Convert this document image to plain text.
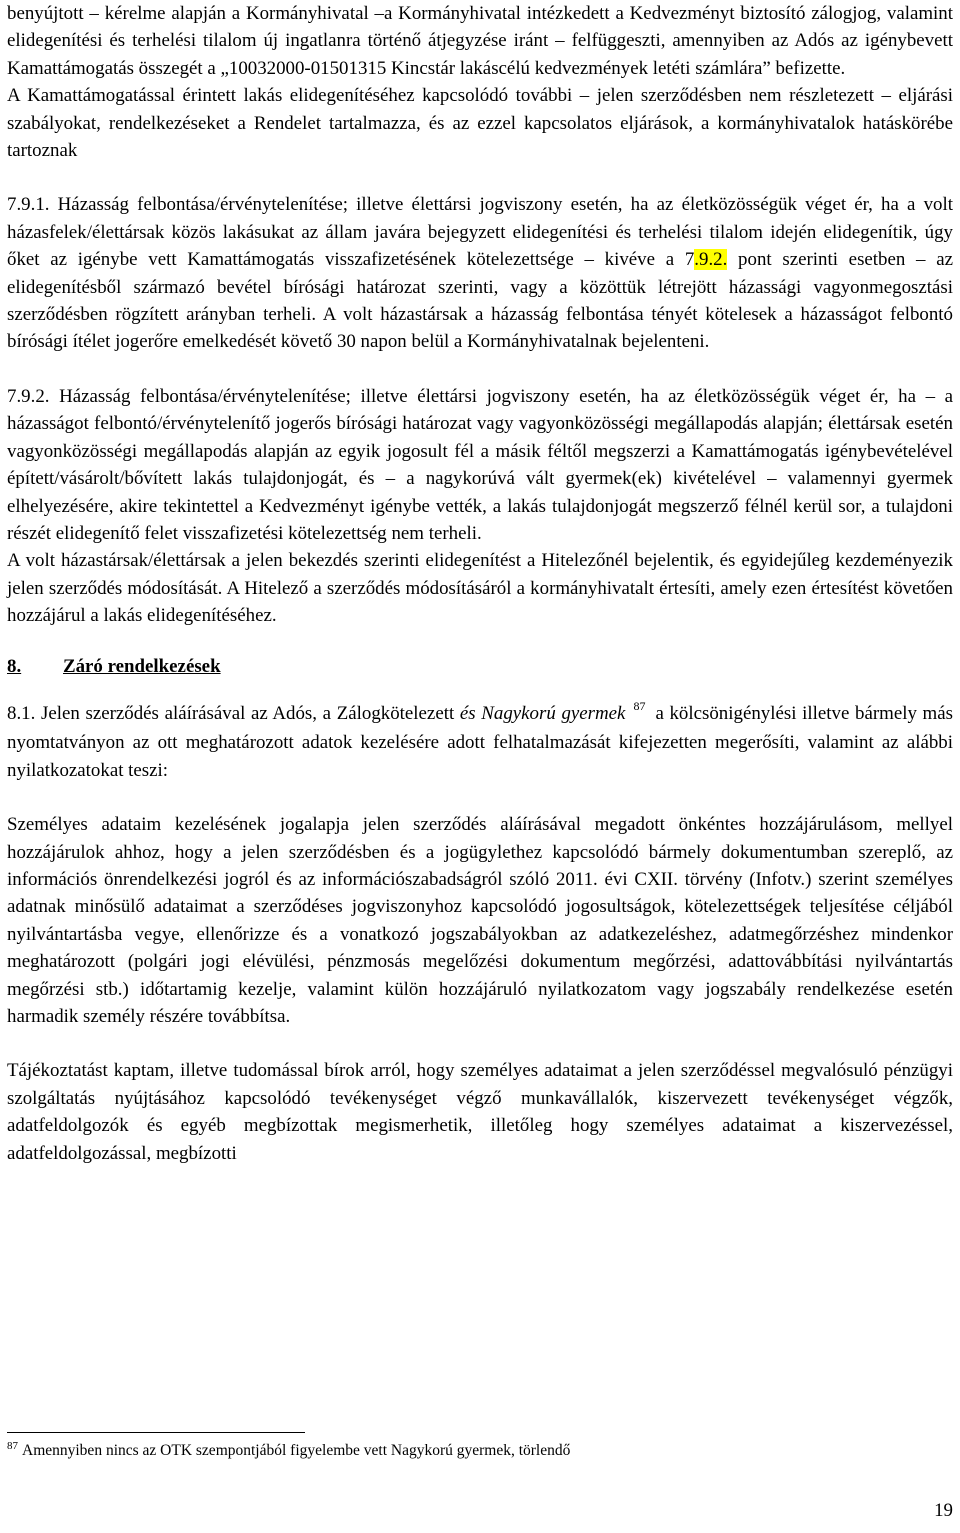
benyújtott – kérelme alapján a Kormányhivatal –a Kormányhivatal intézkedett a Kedvezményt biztosító zálogjog, valamint elidegenítési és terhelési tilalom új ingatlanra történő átjegyzése iránt – felfüggeszti, amennyiben az Adós az igénybevett Kamattámogatás összegét a „10032000-01501315 Kincstár lakáscélú kedvezmények letéti számlára” befizette.

A Kamattámogatással érintett lakás elidegenítéséhez kapcsolódó további – jelen szerződésben nem részletezett – eljárási szabályokat, rendelkezéseket a Rendelet tartalmazza, és az ezzel kapcsolatos eljárások, a kormányhivatalok hatáskörébe tartoznak

7.9.1. Házasság felbontása/érvénytelenítése; illetve élettársi jogviszony esetén, ha az életközösségük véget ér, ha a volt házasfelek/élettársak közös lakásukat az állam javára bejegyzett elidegenítési és terhelési tilalom idején elidegenítik, úgy őket az igénybe vett Kamattámogatás visszafizetésének kötelezettsége – kivéve a 7.9.2. pont szerinti esetben – az elidegenítésből származó bevétel bírósági határozat szerinti, vagy a közöttük létrejött házassági vagyonmegosztási szerződésben rögzített arányban terheli. A volt házastársak a házasság felbontása tényét kötelesek a házasságot felbontó bírósági ítélet jogerőre emelkedését követő 30 napon belül a Kormányhivatalnak bejelenteni.

7.9.2. Házasság felbontása/érvénytelenítése; illetve élettársi jogviszony esetén, ha az életközösségük véget ér, ha – a házasságot felbontó/érvénytelenítő jogerős bírósági határozat vagy vagyonközösségi megállapodás alapján; élettársak esetén vagyonközösségi megállapodás alapján az egyik jogosult fél a másik féltől megszerzi a Kamattámogatás igénybevételével épített/vásárolt/bővített lakás tulajdonjogát, és – a nagykorúvá vált gyermek(ek) kivételével – valamennyi gyermek elhelyezésére, akire tekintettel a Kedvezményt igénybe vették, a lakás tulajdonjogát megszerző félnél kerül sor, a tulajdoni részét elidegenítő felet visszafizetési kötelezettség nem terheli.

A volt házastársak/élettársak a jelen bekezdés szerinti elidegenítést a Hitelezőnél bejelentik, és egyidejűleg kezdeményezik jelen szerződés módosítását. A Hitelező a szerződés módosításáról a kormányhivatalt értesíti, amely ezen értesítést követően hozzájárul a lakás elidegenítéséhez.

8. Záró rendelkezések

8.1. Jelen szerződés aláírásával az Adós, a Zálogkötelezett és Nagykorú gyermek $^{87}$ a kölcsönigénylési illetve bármely más nyomtatványon az ott meghatározott adatok kezelésére adott felhatalmazását kifejezetten megerősíti, valamint az alábbi nyilatkozatokat teszi:

Személyes adataim kezelésének jogalapja jelen szerződés aláírásával megadott önkéntes hozzájárulásom, mellyel hozzájárulok ahhoz, hogy a jelen szerződésben és a jogügylethez kapcsolódó bármely dokumentumban szereplő, az információs önrendelkezési jogról és az információszabadságról szóló 2011. évi CXII. törvény (Infotv.) szerint személyes adatnak minősülő adataimat a szerződéses jogviszonyhoz kapcsolódó jogosultságok, kötelezettségek teljesítése céljából nyilvántartásba vegye, ellenőrizze és a vonatkozó jogszabályokban az adatkezeléshez, adatmegőrzéshez mindenkor meghatározott (polgári jogi elévülési, pénzmosás megelőzési dokumentum megőrzési, adattovábbítási nyilvántartás megőrzési stb.) időtartamig kezelje, valamint külön hozzájáruló nyilatkozatom vagy jogszabály rendelkezése esetén harmadik személy részére továbbítsa.

Tájékoztatást kaptam, illetve tudomással bírok arról, hogy személyes adataimat a jelen szerződéssel megvalósuló pénzügyi szolgáltatás nyújtásához kapcsolódó tevékenységet végző munkavállalók, kiszervezett tevékenységet végzők, adatfeldolgozók és egyéb megbízottak megismerhetik, illetőleg hogy személyes adataimat a kiszervezéssel, adatfeldolgozással, megbízotti

$^{87}$ Amennyiben nincs az OTK szempontjából figyelembe vett Nagykorú gyermek, törlendő
19
